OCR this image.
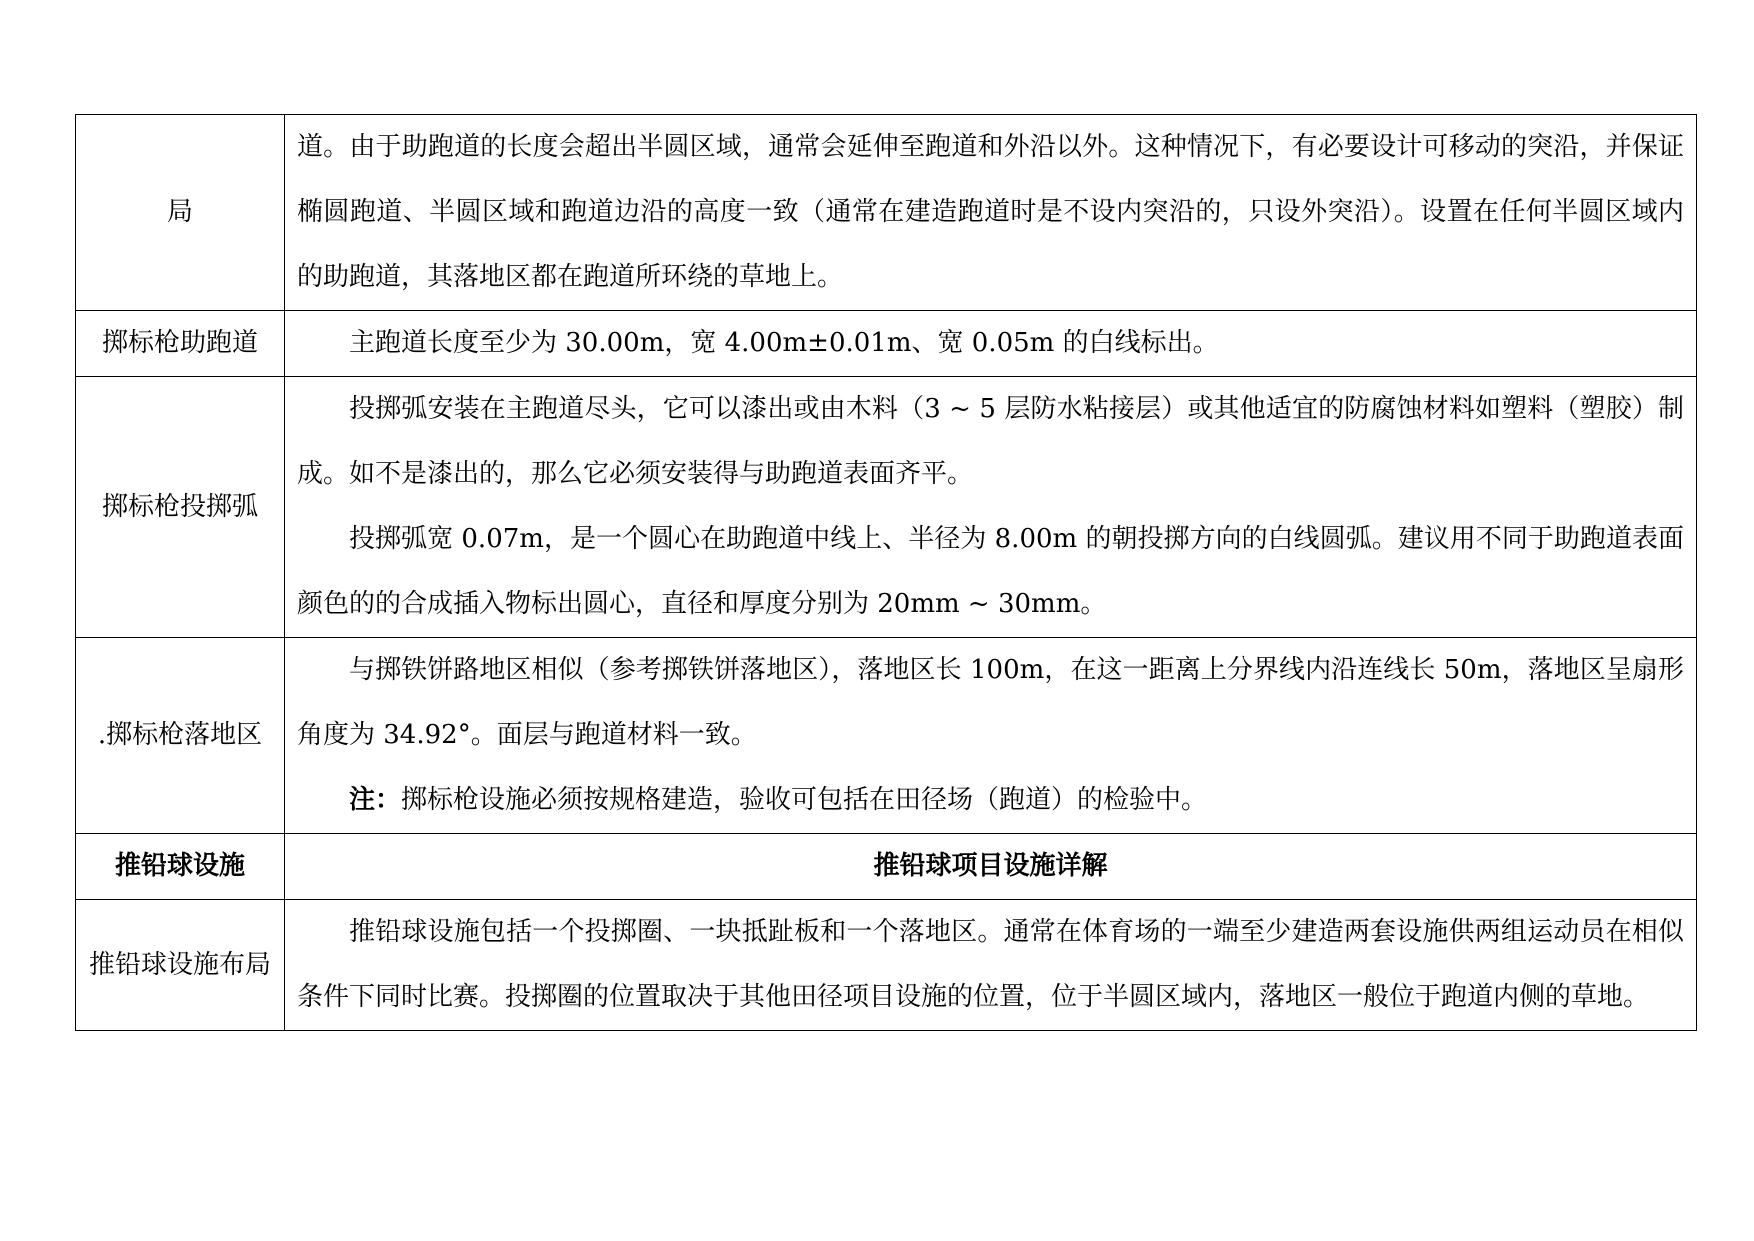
局	道。由于助跑道的长度会超出半圆区域，通常会延伸至跑道和外沿以外。这种情况下，有必要设计可移动的突沿，并保证椭圆跑道、半圆区域和跑道边沿的高度一致（通常在建造跑道时是不设内突沿的，只设外突沿）。设置在任何半圆区域内的助跑道，其落地区都在跑道所环绕的草地上。

掷标枪助跑道	主跑道长度至少为 30.00m，宽 4.00m±0.01m、宽 0.05m 的白线标出。

掷标枪投掷弧	投掷弧安装在主跑道尽头，它可以漆出或由木料（3 ~ 5 层防水粘接层）或其他适宜的防腐蚀材料如塑料（塑胶）制成。如不是漆出的，那么它必须安装得与助跑道表面齐平。

投掷弧宽 0.07m，是一个圆心在助跑道中线上、半径为 8.00m 的朝投掷方向的白线圆弧。建议用不同于助跑道表面颜色的的合成插入物标出圆心，直径和厚度分别为 20mm ~ 30mm。

.掷标枪落地区	与掷铁饼路地区相似（参考掷铁饼落地区），落地区长 100m，在这一距离上分界线内沿连线长 50m，落地区呈扇形角度为 34.92°。面层与跑道材料一致。

注：掷标枪设施必须按规格建造，验收可包括在田径场（跑道）的检验中。

推铅球设施	推铅球项目设施详解
推铅球设施布局	推铅球设施包括一个投掷圈、一块抵趾板和一个落地区。通常在体育场的一端至少建造两套设施供两组运动员在相似条件下同时比赛。投掷圈的位置取决于其他田径项目设施的位置，位于半圆区域内，落地区一般位于跑道内侧的草地。
